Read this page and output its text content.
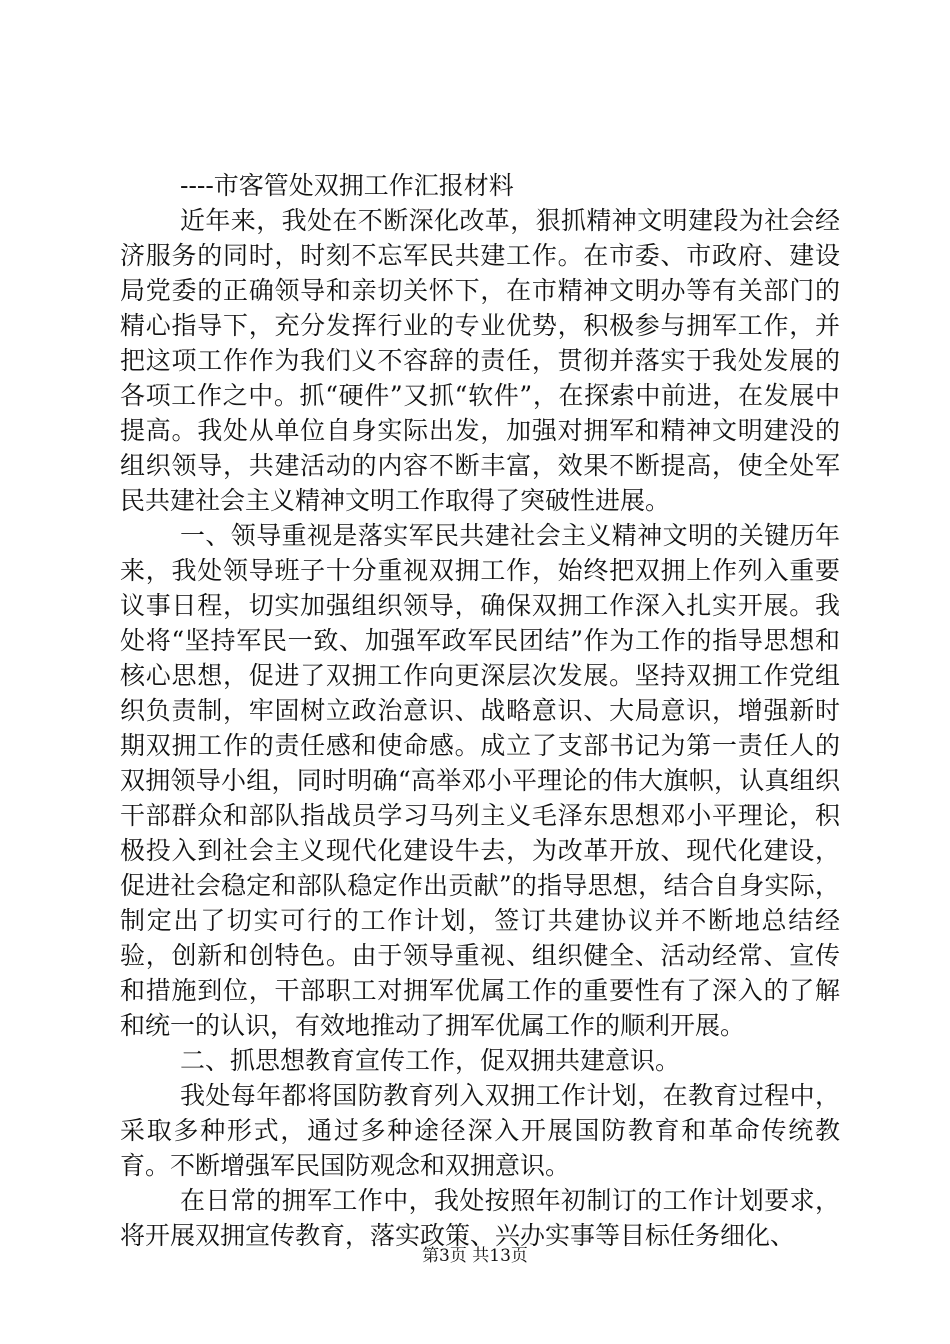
----市客管处双拥工作汇报材料

近年来，我处在不断深化改革，狠抓精神文明建段为社会经济服务的同时，时刻不忘军民共建工作。在市委、市政府、建设局党委的正确领导和亲切关怀下，在市精神文明办等有关部门的精心指导下，充分发挥行业的专业优势，积极参与拥军工作，并把这项工作作为我们义不容辞的责任，贯彻并落实于我处发展的各项工作之中。抓“硬件”又抓“软件”，在探索中前进，在发展中提高。我处从单位自身实际出发，加强对拥军和精神文明建没的组织领导，共建活动的内容不断丰富，效果不断提高，使全处军民共建社会主义精神文明工作取得了突破性进展。

一、领导重视是落实军民共建社会主义精神文明的关键历年来，我处领导班子十分重视双拥工作，始终把双拥上作列入重要议事日程，切实加强组织领导，确保双拥工作深入扎实开展。我处将“坚持军民一致、加强军政军民团结”作为工作的指导思想和核心思想，促进了双拥工作向更深层次发展。坚持双拥工作党组织负责制，牢固树立政治意识、战略意识、大局意识，增强新时期双拥工作的责任感和使命感。成立了支部书记为第一责任人的双拥领导小组，同时明确“高举邓小平理论的伟大旗帜，认真组织干部群众和部队指战员学习马列主义毛泽东思想邓小平理论，积极投入到社会主义现代化建设牛去，为改革开放、现代化建设，促进社会稳定和部队稳定作出贡献”的指导思想，结合自身实际，制定出了切实可行的工作计划，签订共建协议并不断地总结经验，创新和创特色。由于领导重视、组织健全、活动经常、宣传和措施到位，干部职工对拥军优属工作的重要性有了深入的了解和统一的认识，有效地推动了拥军优属工作的顺利开展。

二、抓思想教育宣传工作，促双拥共建意识。

我处每年都将国防教育列入双拥工作计划，在教育过程中，采取多种形式，通过多种途径深入开展国防教育和革命传统教育。不断增强军民国防观念和双拥意识。

在日常的拥军工作中，我处按照年初制订的工作计划要求，将开展双拥宣传教育，落实政策、兴办实事等目标任务细化、

第3页 共13页
